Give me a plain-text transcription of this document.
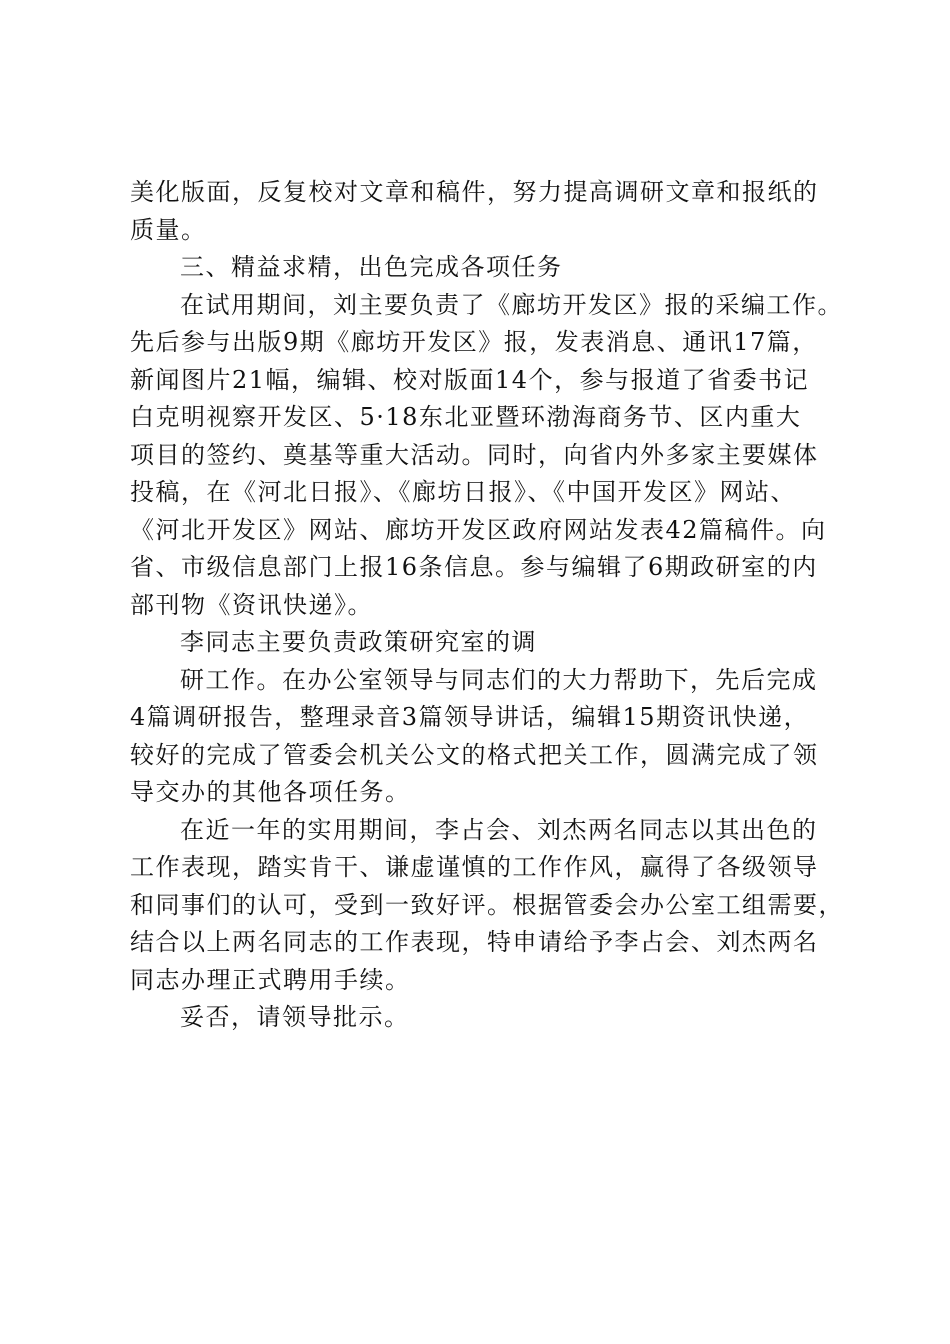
美化版面，反复校对文章和稿件，努力提高调研文章和报纸的
质量。
三、精益求精，出色完成各项任务
在试用期间，刘主要负责了《廊坊开发区》报的采编工作。
先后参与出版9期《廊坊开发区》报，发表消息、通讯17篇，
新闻图片21幅，编辑、校对版面14个，参与报道了省委书记
白克明视察开发区、5·18东北亚暨环渤海商务节、区内重大
项目的签约、奠基等重大活动。同时，向省内外多家主要媒体
投稿，在《河北日报》、《廊坊日报》、《中国开发区》网站、
《河北开发区》网站、廊坊开发区政府网站发表42篇稿件。向
省、市级信息部门上报16条信息。参与编辑了6期政研室的内
部刊物《资讯快递》。
李同志主要负责政策研究室的调
研工作。在办公室领导与同志们的大力帮助下，先后完成
4篇调研报告，整理录音3篇领导讲话，编辑15期资讯快递，
较好的完成了管委会机关公文的格式把关工作，圆满完成了领
导交办的其他各项任务。
在近一年的实用期间，李占会、刘杰两名同志以其出色的
工作表现，踏实肯干、谦虚谨慎的工作作风，赢得了各级领导
和同事们的认可，受到一致好评。根据管委会办公室工组需要，
结合以上两名同志的工作表现，特申请给予李占会、刘杰两名
同志办理正式聘用手续。
妥否，请领导批示。
